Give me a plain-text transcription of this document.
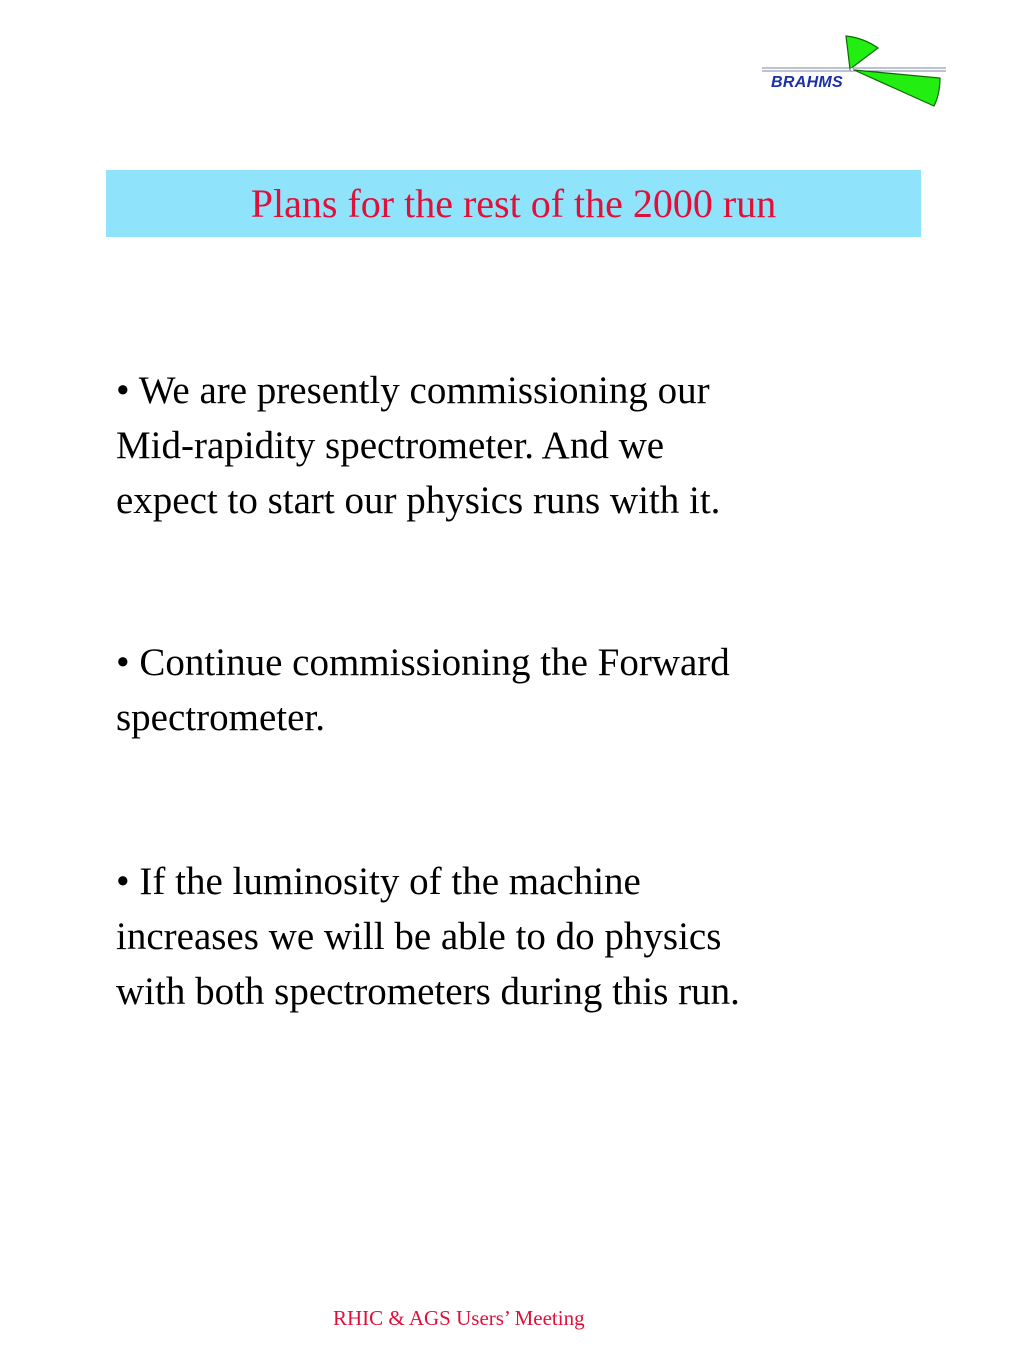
BRAHMS
Plans for the rest of the 2000 run
• We are presently commissioning our
Mid-rapidity spectrometer. And we
expect to start our physics runs with it.
• Continue commissioning the Forward
spectrometer.
• If the luminosity of the machine
increases we will be able to do physics
with both spectrometers during this run.
RHIC & AGS Users’ Meeting
